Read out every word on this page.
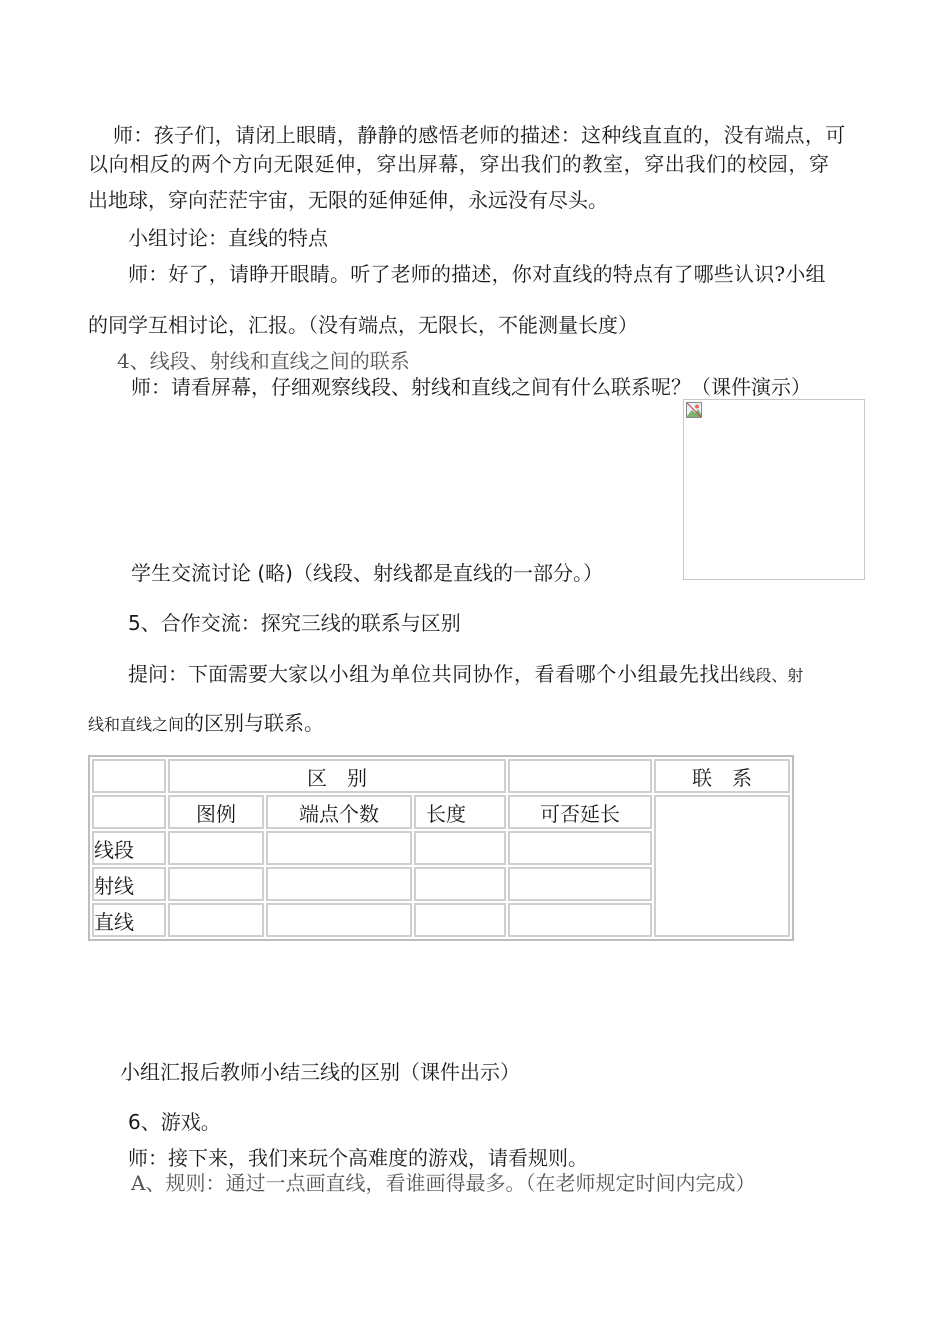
师：孩子们，请闭上眼睛，静静的感悟老师的描述：这种线直直的，没有端点，可
以向相反的两个方向无限延伸，穿出屏幕，穿出我们的教室，穿出我们的校园，穿
出地球，穿向茫茫宇宙，无限的延伸延伸，永远没有尽头。
小组讨论：直线的特点
师：好了，请睁开眼睛。听了老师的描述，你对直线的特点有了哪些认识?小组
的同学互相讨论，汇报。（没有端点，无限长，不能测量长度）
4、线段、射线和直线之间的联系
师：请看屏幕，仔细观察线段、射线和直线之间有什么联系呢？（课件演示）
学生交流讨论 (略)（线段、射线都是直线的一部分。）
5、合作交流：探究三线的联系与区别
提问：下面需要大家以小组为单位共同协作，看看哪个小组最先找出线段、射
线和直线之间的区别与联系。
	区　别				联　系
	图例	端点个数	长度	可否延长	
线段					
射线					
直线					
小组汇报后教师小结三线的区别（课件出示）
6、游戏。
师：接下来，我们来玩个高难度的游戏，请看规则。
A、规则：通过一点画直线，看谁画得最多。（在老师规定时间内完成）
